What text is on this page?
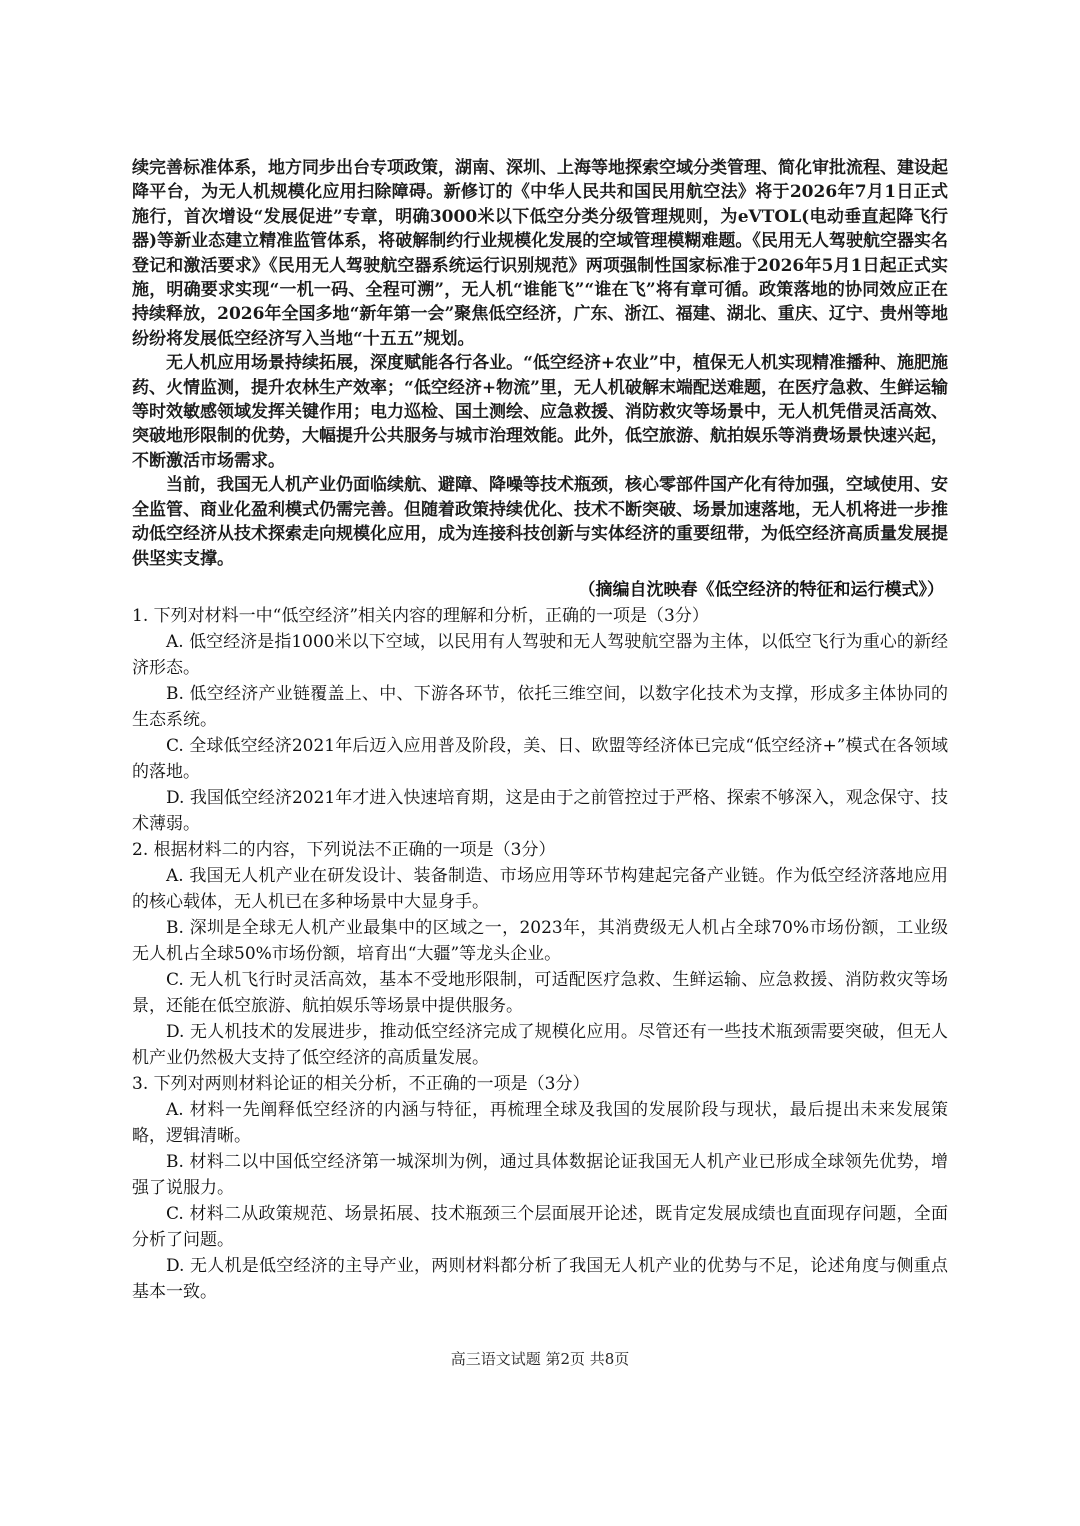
续完善标准体系，地方同步出台专项政策，湖南、深圳、上海等地探索空域分类管理、简化审批流程、建设起降平台，为无人机规模化应用扫除障碍。新修订的《中华人民共和国民用航空法》将于2026年7月1日正式施行，首次增设“发展促进”专章，明确3000米以下低空分类分级管理规则，为eVTOL(电动垂直起降飞行器)等新业态建立精准监管体系，将破解制约行业规模化发展的空域管理模糊难题。《民用无人驾驶航空器实名登记和激活要求》《民用无人驾驶航空器系统运行识别规范》两项强制性国家标准于2026年5月1日起正式实施，明确要求实现“一机一码、全程可溯”，无人机“谁能飞”“谁在飞”将有章可循。政策落地的协同效应正在持续释放，2026年全国多地“新年第一会”聚焦低空经济，广东、浙江、福建、湖北、重庆、辽宁、贵州等地纷纷将发展低空经济写入当地“十五五”规划。

无人机应用场景持续拓展，深度赋能各行各业。“低空经济+农业”中，植保无人机实现精准播种、施肥施药、火情监测，提升农林生产效率；“低空经济+物流”里，无人机破解末端配送难题，在医疗急救、生鲜运输等时效敏感领域发挥关键作用；电力巡检、国土测绘、应急救援、消防救灾等场景中，无人机凭借灵活高效、突破地形限制的优势，大幅提升公共服务与城市治理效能。此外，低空旅游、航拍娱乐等消费场景快速兴起，不断激活市场需求。

当前，我国无人机产业仍面临续航、避障、降噪等技术瓶颈，核心零部件国产化有待加强，空域使用、安全监管、商业化盈利模式仍需完善。但随着政策持续优化、技术不断突破、场景加速落地，无人机将进一步推动低空经济从技术探索走向规模化应用，成为连接科技创新与实体经济的重要纽带，为低空经济高质量发展提供坚实支撑。

（摘编自沈映春《低空经济的特征和运行模式》）

1. 下列对材料一中“低空经济”相关内容的理解和分析，正确的一项是（3分）

A. 低空经济是指1000米以下空域，以民用有人驾驶和无人驾驶航空器为主体，以低空飞行为重心的新经济形态。

B. 低空经济产业链覆盖上、中、下游各环节，依托三维空间，以数字化技术为支撑，形成多主体协同的生态系统。

C. 全球低空经济2021年后迈入应用普及阶段，美、日、欧盟等经济体已完成“低空经济+”模式在各领域的落地。

D. 我国低空经济2021年才进入快速培育期，这是由于之前管控过于严格、探索不够深入，观念保守、技术薄弱。

2. 根据材料二的内容，下列说法不正确的一项是（3分）

A. 我国无人机产业在研发设计、装备制造、市场应用等环节构建起完备产业链。作为低空经济落地应用的核心载体，无人机已在多种场景中大显身手。

B. 深圳是全球无人机产业最集中的区域之一，2023年，其消费级无人机占全球70%市场份额，工业级无人机占全球50%市场份额，培育出“大疆”等龙头企业。

C. 无人机飞行时灵活高效，基本不受地形限制，可适配医疗急救、生鲜运输、应急救援、消防救灾等场景，还能在低空旅游、航拍娱乐等场景中提供服务。

D. 无人机技术的发展进步，推动低空经济完成了规模化应用。尽管还有一些技术瓶颈需要突破，但无人机产业仍然极大支持了低空经济的高质量发展。

3. 下列对两则材料论证的相关分析，不正确的一项是（3分）

A. 材料一先阐释低空经济的内涵与特征，再梳理全球及我国的发展阶段与现状，最后提出未来发展策略，逻辑清晰。

B. 材料二以中国低空经济第一城深圳为例，通过具体数据论证我国无人机产业已形成全球领先优势，增强了说服力。

C. 材料二从政策规范、场景拓展、技术瓶颈三个层面展开论述，既肯定发展成绩也直面现存问题，全面分析了问题。

D. 无人机是低空经济的主导产业，两则材料都分析了我国无人机产业的优势与不足，论述角度与侧重点基本一致。

高三语文试题 第2页 共8页
